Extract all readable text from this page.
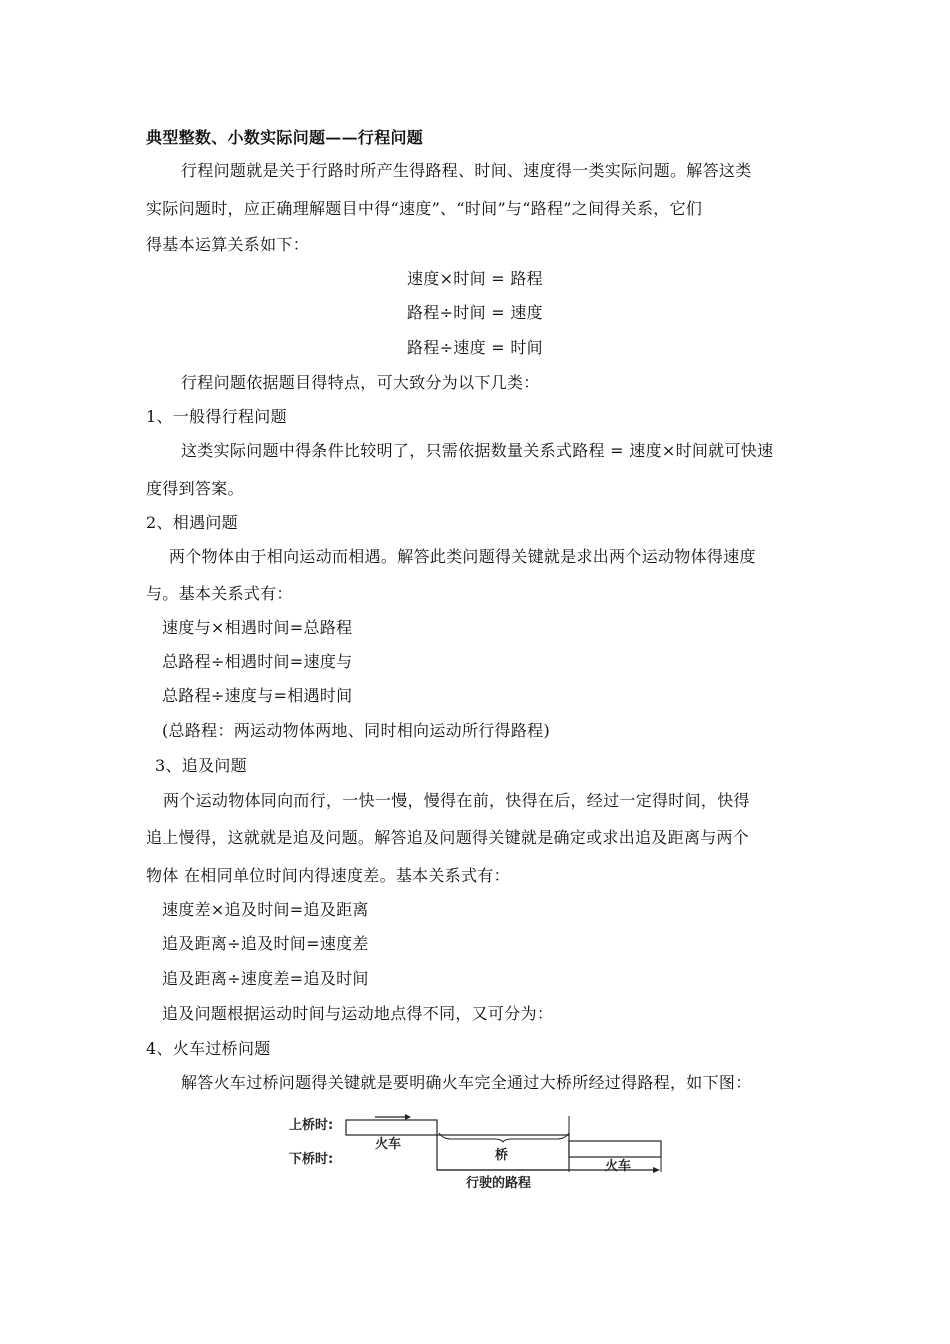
典型整数、小数实际问题——行程问题
行程问题就是关于行路时所产生得路程、时间、速度得一类实际问题。解答这类
实际问题时，应正确理解题目中得“速度”、“时间”与“路程”之间得关系，它们
得基本运算关系如下：
速度×时间 = 路程
路程÷时间 = 速度
路程÷速度 = 时间
行程问题依据题目得特点，可大致分为以下几类：
1、一般得行程问题
这类实际问题中得条件比较明了，只需依据数量关系式路程 = 速度×时间就可快速
度得到答案。
2、相遇问题
两个物体由于相向运动而相遇。解答此类问题得关键就是求出两个运动物体得速度
与。基本关系式有：
速度与×相遇时间=总路程
总路程÷相遇时间=速度与
总路程÷速度与=相遇时间
(总路程：两运动物体两地、同时相向运动所行得路程)
3、追及问题
两个运动物体同向而行，一快一慢，慢得在前，快得在后，经过一定得时间，快得
追上慢得，这就就是追及问题。解答追及问题得关键就是确定或求出追及距离与两个
物体 在相同单位时间内得速度差。基本关系式有：
速度差×追及时间=追及距离
追及距离÷追及时间=速度差
追及距离÷速度差=追及时间
追及问题根据运动时间与运动地点得不同，又可分为：
4、火车过桥问题
解答火车过桥问题得关键就是要明确火车完全通过大桥所经过得路程，如下图：
上桥时:
下桥时:
火车
桥
火车
行驶的路程
